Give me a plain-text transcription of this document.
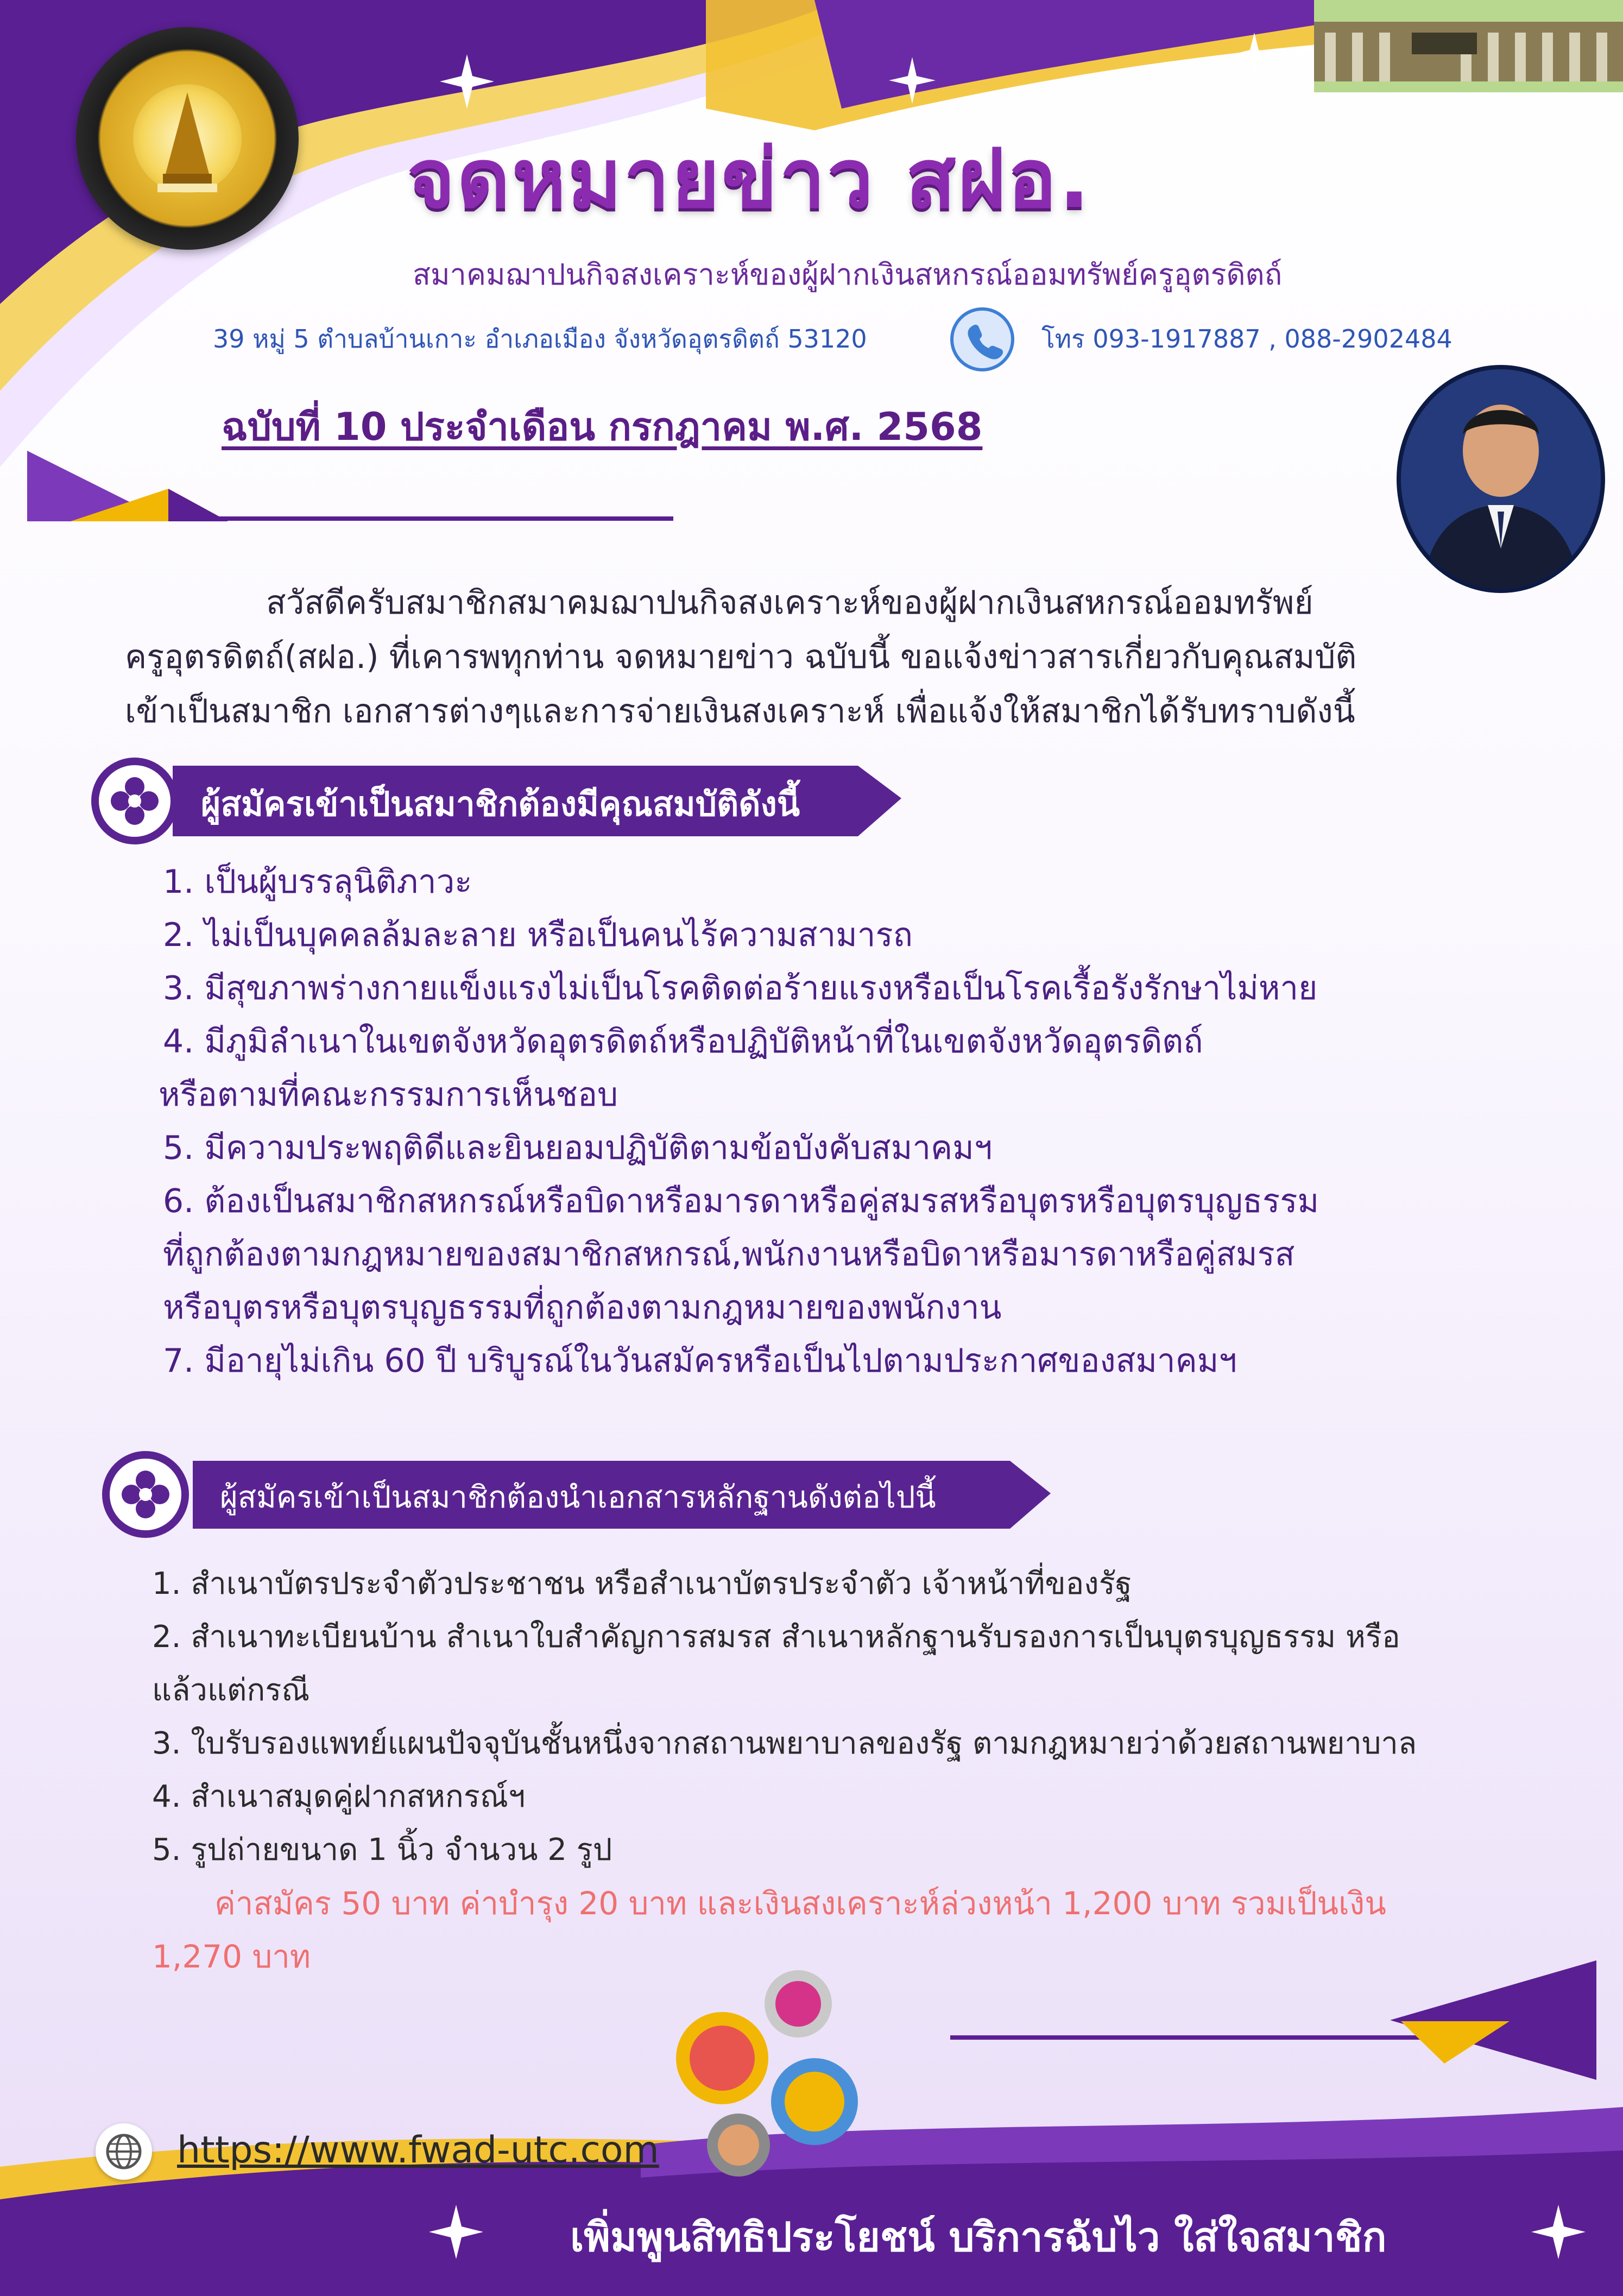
จดหมายข่าว สฝอ.
สมาคมฌาปนกิจสงเคราะห์ของผู้ฝากเงินสหกรณ์ออมทรัพย์ครูอุตรดิตถ์
39 หมู่ 5 ตำบลบ้านเกาะ อำเภอเมือง จังหวัดอุตรดิตถ์ 53120	โทร 093-1917887 , 088-2902484
ฉบับที่ 10 ประจำเดือน กรกฎาคม พ.ศ. 2568
สวัสดีครับสมาชิกสมาคมฌาปนกิจสงเคราะห์ของผู้ฝากเงินสหกรณ์ออมทรัพย์
ครูอุตรดิตถ์(สฝอ.) ที่เคารพทุกท่าน จดหมายข่าว ฉบับนี้ ขอแจ้งข่าวสารเกี่ยวกับคุณสมบัติ
เข้าเป็นสมาชิก เอกสารต่างๆและการจ่ายเงินสงเคราะห์ เพื่อแจ้งให้สมาชิกได้รับทราบดังนี้
ผู้สมัครเข้าเป็นสมาชิกต้องมีคุณสมบัติดังนี้
1. เป็นผู้บรรลุนิติภาวะ
2. ไม่เป็นบุคคลล้มละลาย หรือเป็นคนไร้ความสามารถ
3. มีสุขภาพร่างกายแข็งแรงไม่เป็นโรคติดต่อร้ายแรงหรือเป็นโรคเรื้อรังรักษาไม่หาย
4. มีภูมิลำเนาในเขตจังหวัดอุตรดิตถ์หรือปฏิบัติหน้าที่ในเขตจังหวัดอุตรดิตถ์
หรือตามที่คณะกรรมการเห็นชอบ
5. มีความประพฤติดีและยินยอมปฏิบัติตามข้อบังคับสมาคมฯ
6. ต้องเป็นสมาชิกสหกรณ์หรือบิดาหรือมารดาหรือคู่สมรสหรือบุตรหรือบุตรบุญธรรม
ที่ถูกต้องตามกฎหมายของสมาชิกสหกรณ์,พนักงานหรือบิดาหรือมารดาหรือคู่สมรส
หรือบุตรหรือบุตรบุญธรรมที่ถูกต้องตามกฎหมายของพนักงาน
7. มีอายุไม่เกิน 60 ปี บริบูรณ์ในวันสมัครหรือเป็นไปตามประกาศของสมาคมฯ
ผู้สมัครเข้าเป็นสมาชิกต้องนำเอกสารหลักฐานดังต่อไปนี้
1. สำเนาบัตรประจำตัวประชาชน หรือสำเนาบัตรประจำตัว เจ้าหน้าที่ของรัฐ
2. สำเนาทะเบียนบ้าน สำเนาใบสำคัญการสมรส สำเนาหลักฐานรับรองการเป็นบุตรบุญธรรม หรือ
แล้วแต่กรณี
3. ใบรับรองแพทย์แผนปัจจุบันชั้นหนึ่งจากสถานพยาบาลของรัฐ ตามกฎหมายว่าด้วยสถานพยาบาล
4. สำเนาสมุดคู่ฝากสหกรณ์ฯ
5. รูปถ่ายขนาด 1 นิ้ว จำนวน 2 รูป
ค่าสมัคร 50 บาท ค่าบำรุง 20 บาท และเงินสงเคราะห์ล่วงหน้า 1,200 บาท รวมเป็นเงิน
1,270 บาท
https://www.fwad-utc.com
เพิ่มพูนสิทธิประโยชน์ บริการฉับไว ใส่ใจสมาชิก
